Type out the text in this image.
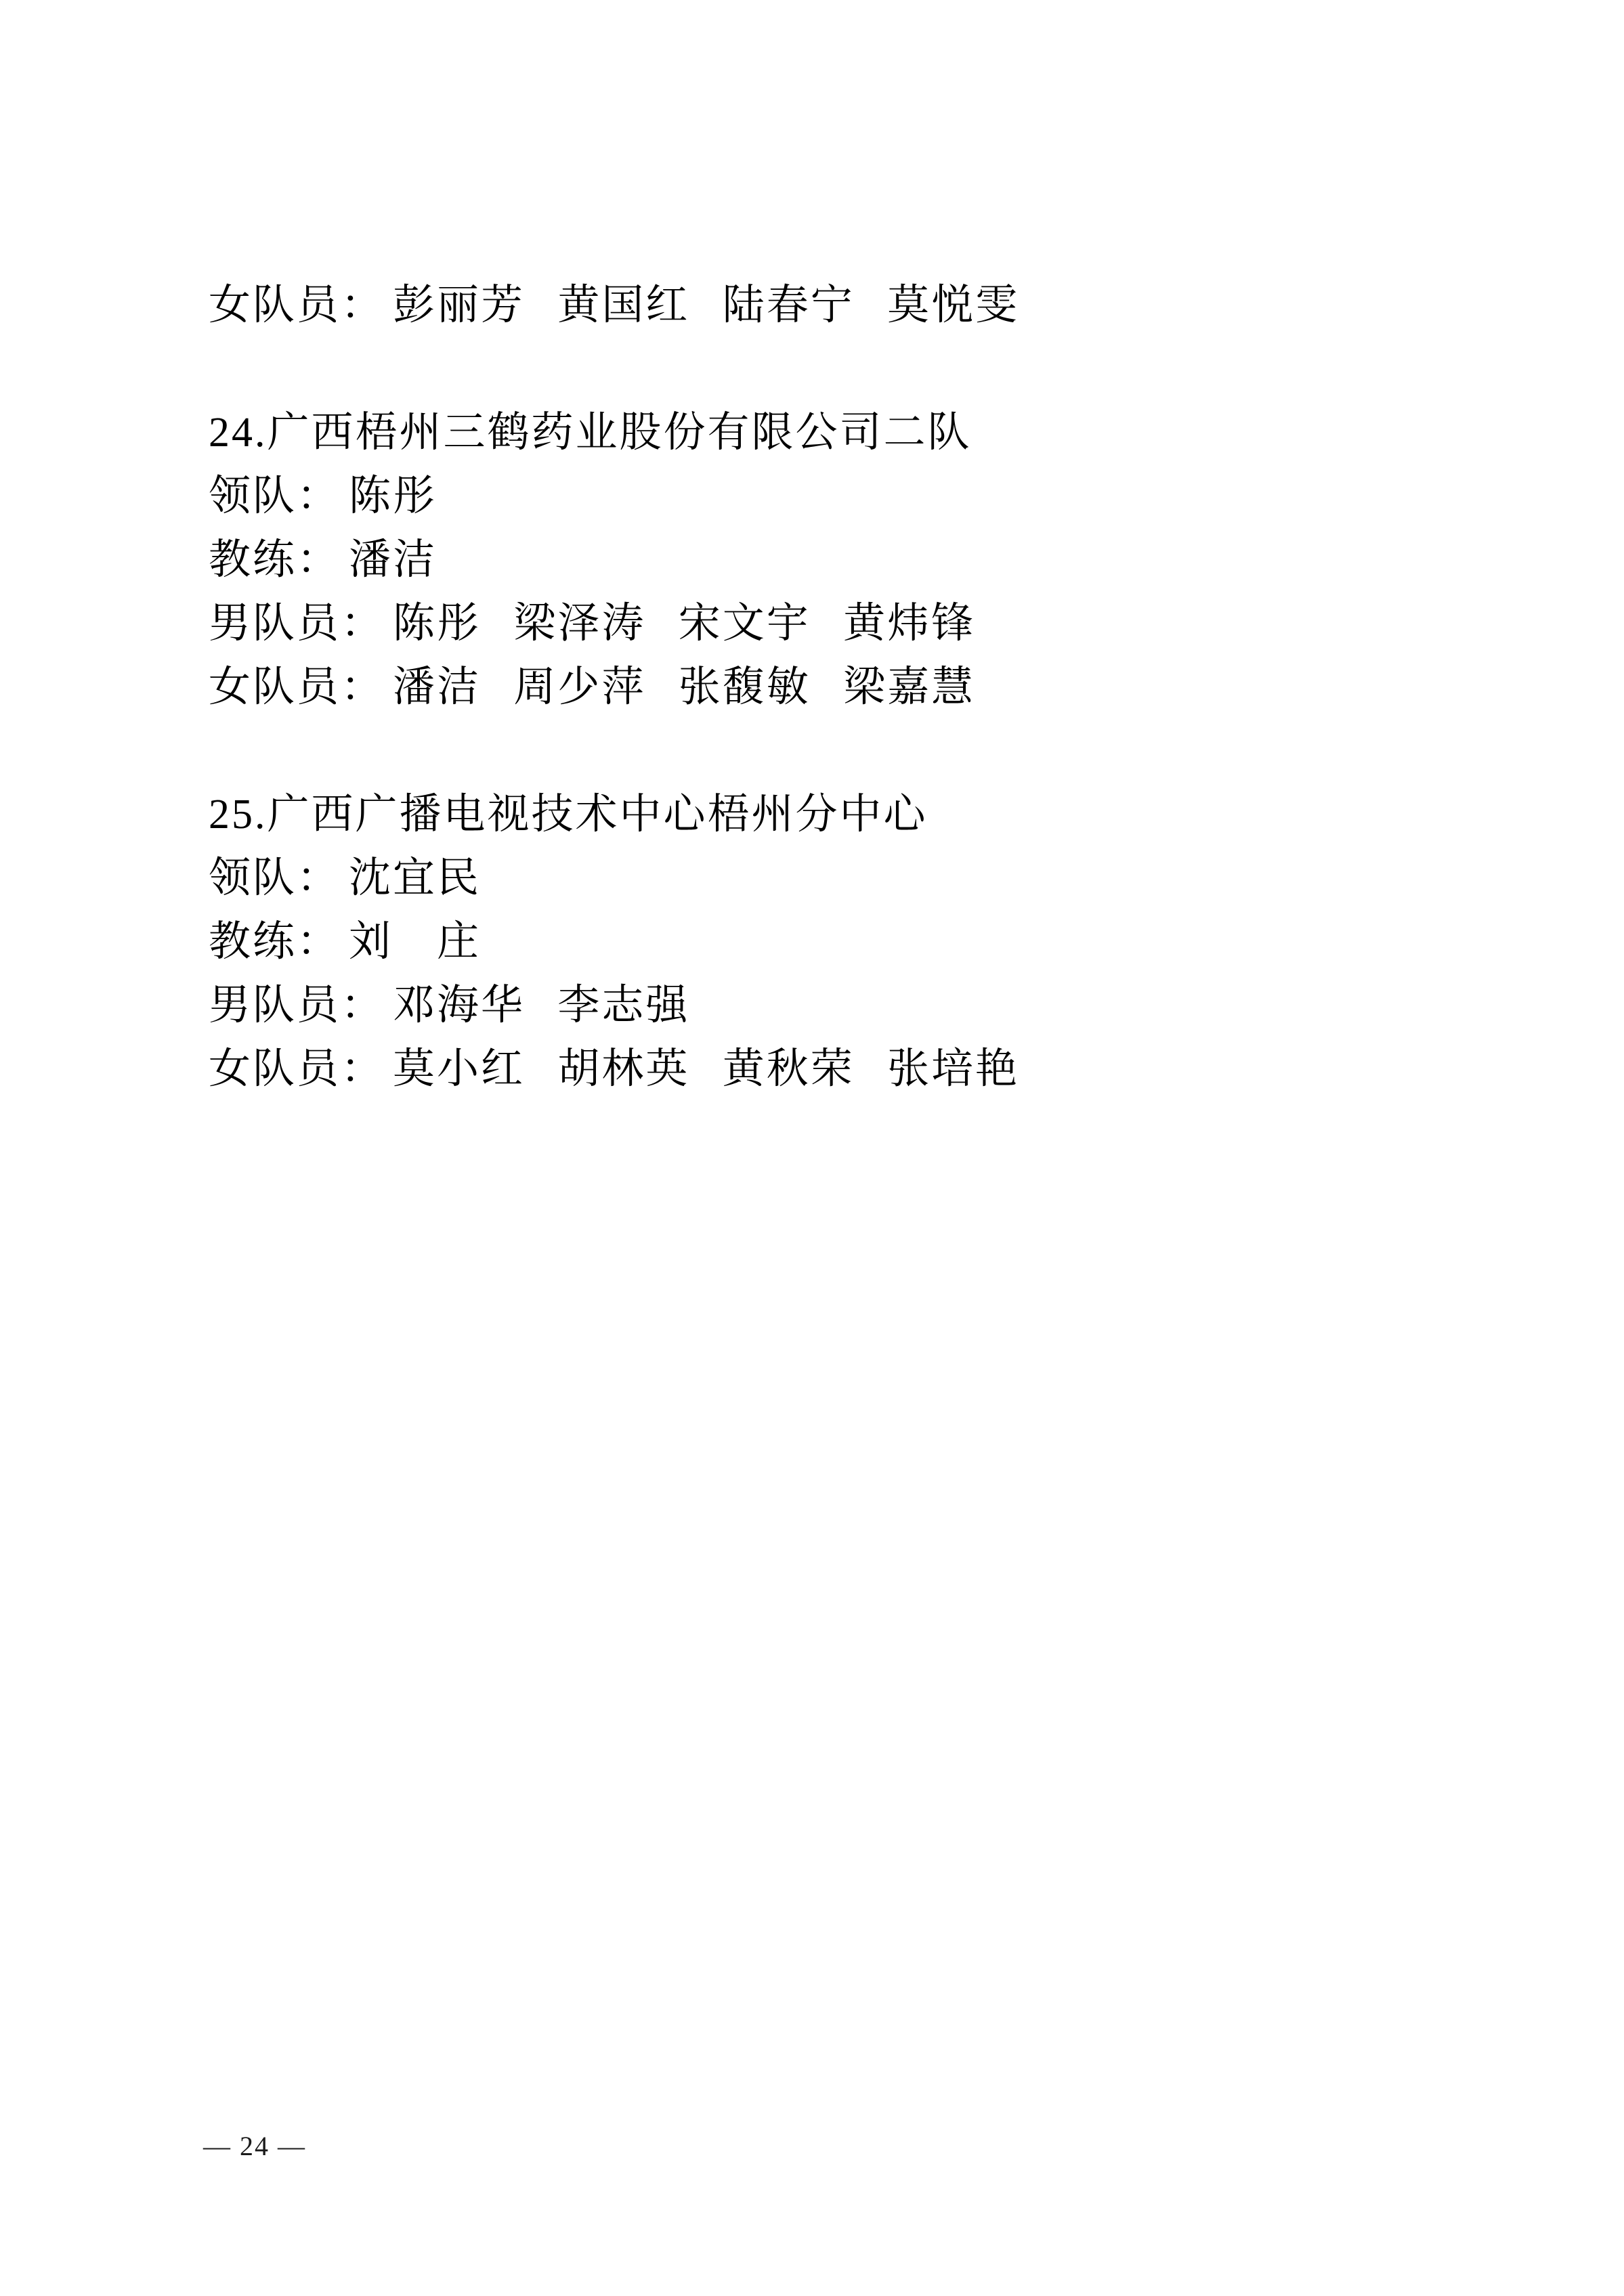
女队员： 彭丽芳 黄国红 陆春宁 莫悦雯
24.广西梧州三鹤药业股份有限公司二队
领队： 陈彤
教练： 潘洁
男队员： 陈彤 梁泽涛 宋文宇 黄炜锋
女队员： 潘洁 周少萍 张馥敏 梁嘉慧
25.广西广播电视技术中心梧州分中心
领队： 沈宜民
教练： 刘　庄
男队员： 邓海华 李志强
女队员： 莫小红 胡林英 黄秋荣 张培艳
— 24 —
